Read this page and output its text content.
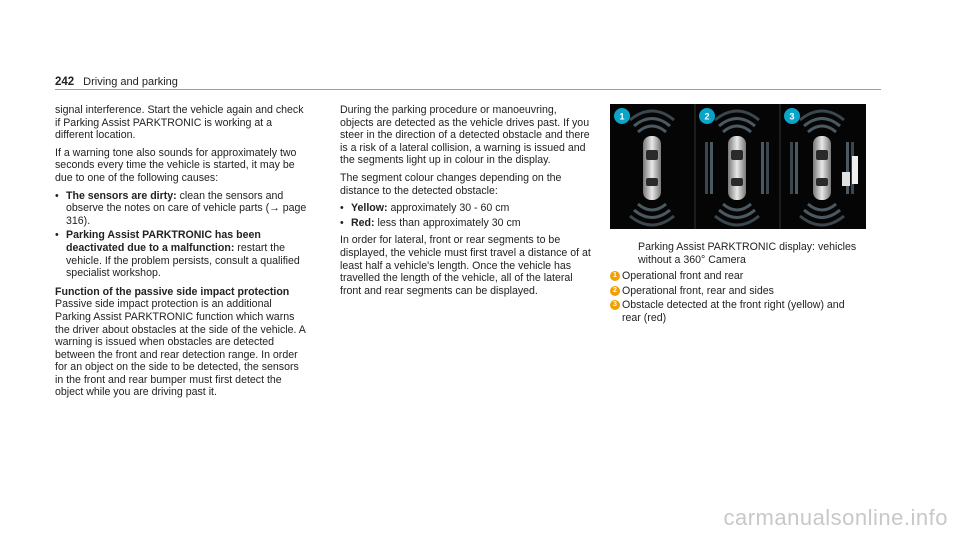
242 Driving and parking

signal interference. Start the vehicle again and check if Parking Assist PARKTRONIC is working at a different location.

If a warning tone also sounds for approximately two seconds every time the vehicle is started, it may be due to one of the following causes:

• The sensors are dirty: clean the sensors and observe the notes on care of vehicle parts (→ page 316).
• Parking Assist PARKTRONIC has been deactivated due to a malfunction: restart the vehicle. If the problem persists, consult a qualified specialist workshop.
Function of the passive side impact protection

Passive side impact protection is an additional Parking Assist PARKTRONIC function which warns the driver about obstacles at the side of the vehicle. A warning is issued when obstacles are detected between the front and rear detection range. In order for an object on the side to be detected, the sensors in the front and rear bumper must first detect the object while you are driving past it.

During the parking procedure or manoeuvring, objects are detected as the vehicle drives past. If you steer in the direction of a detected obstacle and there is a risk of a lateral collision, a warning is issued and the segments light up in colour in the display.

The segment colour changes depending on the distance to the detected obstacle:

• Yellow: approximately 30 - 60 cm
• Red: less than approximately 30 cm

In order for lateral, front or rear segments to be displayed, the vehicle must first travel a distance of at least half a vehicle's length. Once the vehicle has travelled the length of the vehicle, all of the lateral front and rear segments can be displayed.

1	2	3
Parking Assist PARKTRONIC display: vehicles without a 360° Camera
1 Operational front and rear
2 Operational front, rear and sides
3 Obstacle detected at the front right (yellow) and rear (red)
carmanualsonline.info
